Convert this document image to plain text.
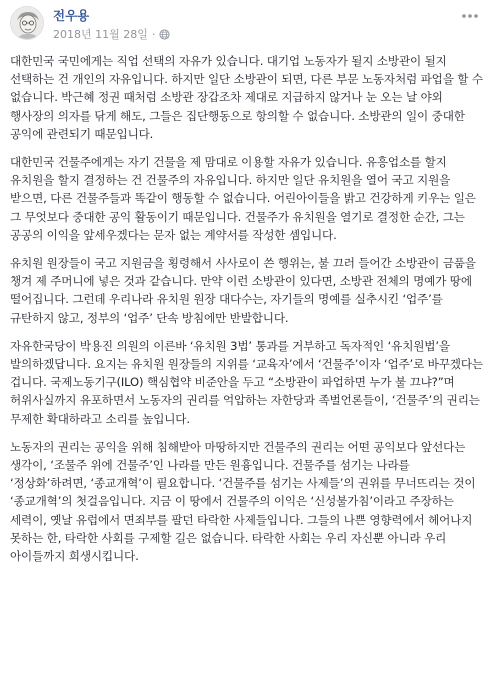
전우용
2018년 11월 28일 ·

대한민국 국민에게는 직업 선택의 자유가 있습니다. 대기업 노동자가 될지 소방관이 될지 선택하는 건 개인의 자유입니다. 하지만 일단 소방관이 되면, 다른 부문 노동자처럼 파업을 할 수 없습니다. 박근혜 정권 때처럼 소방관 장갑조차 제대로 지급하지 않거나 눈 오는 날 야외 행사장의 의자를 닦게 해도, 그들은 집단행동으로 항의할 수 없습니다. 소방관의 일이 중대한 공익에 관련되기 때문입니다.

대한민국 건물주에게는 자기 건물을 제 맘대로 이용할 자유가 있습니다. 유흥업소를 할지 유치원을 할지 결정하는 건 건물주의 자유입니다. 하지만 일단 유치원을 열어 국고 지원을 받으면, 다른 건물주들과 똑같이 행동할 수 없습니다. 어린아이들을 밝고 건강하게 키우는 일은 그 무엇보다 중대한 공익 활동이기 때문입니다. 건물주가 유치원을 열기로 결정한 순간, 그는 공공의 이익을 앞세우겠다는 문자 없는 계약서를 작성한 셈입니다.

유치원 원장들이 국고 지원금을 횡령해서 사사로이 쓴 행위는, 불 끄러 들어간 소방관이 금품을 챙겨 제 주머니에 넣은 것과 같습니다. 만약 이런 소방관이 있다면, 소방관 전체의 명예가 땅에 떨어집니다. 그런데 우리나라 유치원 원장 대다수는, 자기들의 명예를 실추시킨 ‘업주’를 규탄하지 않고, 정부의 ‘업주’ 단속 방침에만 반발합니다.

자유한국당이 박용진 의원의 이른바 ‘유치원 3법’ 통과를 거부하고 독자적인 ‘유치원법’을 발의하겠답니다. 요지는 유치원 원장들의 지위를 ‘교육자’에서 ‘건물주’이자 ‘업주’로 바꾸겠다는 겁니다. 국제노동기구(ILO) 핵심협약 비준안을 두고 “소방관이 파업하면 누가 불 끄냐?”며 허위사실까지 유포하면서 노동자의 권리를 억압하는 자한당과 족벌언론들이, ‘건물주’의 권리는 무제한 확대하라고 소리를 높입니다.

노동자의 권리는 공익을 위해 침해받아 마땅하지만 건물주의 권리는 어떤 공익보다 앞선다는 생각이, ‘조물주 위에 건물주’인 나라를 만든 원흉입니다. 건물주를 섬기는 나라를 ‘정상화’하려면, ‘종교개혁’이 필요합니다. ‘건물주를 섬기는 사제들’의 권위를 무너뜨리는 것이 ‘종교개혁’의 첫걸음입니다. 지금 이 땅에서 건물주의 이익은 ‘신성불가침’이라고 주장하는 세력이, 옛날 유럽에서 면죄부를 팔던 타락한 사제들입니다. 그들의 나쁜 영향력에서 헤어나지 못하는 한, 타락한 사회를 구제할 길은 없습니다. 타락한 사회는 우리 자신뿐 아니라 우리 아이들까지 희생시킵니다.
